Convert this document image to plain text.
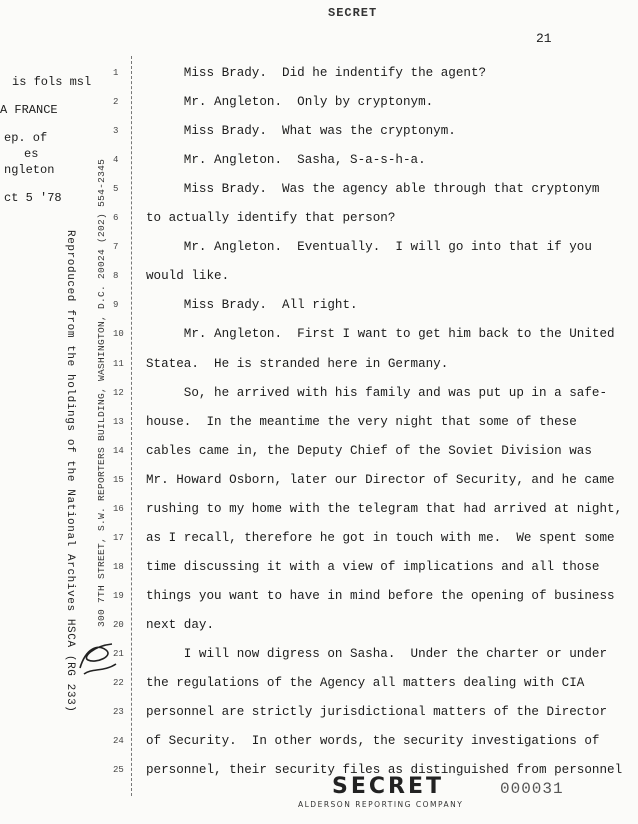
SECRET
21
is fols msl
A FRANCE
ep. of
es
ngleton
ct 5 '78
Reproduced from the holdings of the National Archives HSCA (RG 233) 300 7TH STREET, S.W. REPORTERS BUILDING, WASHINGTON, D.C. 20024 (202) 554-2345
1
2
3
4
5
6
7
8
9
10
11
12
13
14
15
16
17
18
19
20
21
22
23
24
25
Miss Brady.  Did he indentify the agent?
Mr. Angleton.  Only by cryptonym.
Miss Brady.  What was the cryptonym.
Mr. Angleton.  Sasha, S-a-s-h-a.
Miss Brady.  Was the agency able through that cryptonym
to actually identify that person?
Mr. Angleton.  Eventually.  I will go into that if you
would like.
Miss Brady.  All right.
Mr. Angleton.  First I want to get him back to the United
Statea.  He is stranded here in Germany.
So, he arrived with his family and was put up in a safe-
house.  In the meantime the very night that some of these
cables came in, the Deputy Chief of the Soviet Division was
Mr. Howard Osborn, later our Director of Security, and he came
rushing to my home with the telegram that had arrived at night,
as I recall, therefore he got in touch with me.  We spent some
time discussing it with a view of implications and all those
things you want to have in mind before the opening of business
next day.
I will now digress on Sasha.  Under the charter or under
the regulations of the Agency all matters dealing with CIA
personnel are strictly jurisdictional matters of the Director
of Security.  In other words, the security investigations of
personnel, their security files as distinguished from personnel
SECRET
ALDERSON REPORTING COMPANY
000031
